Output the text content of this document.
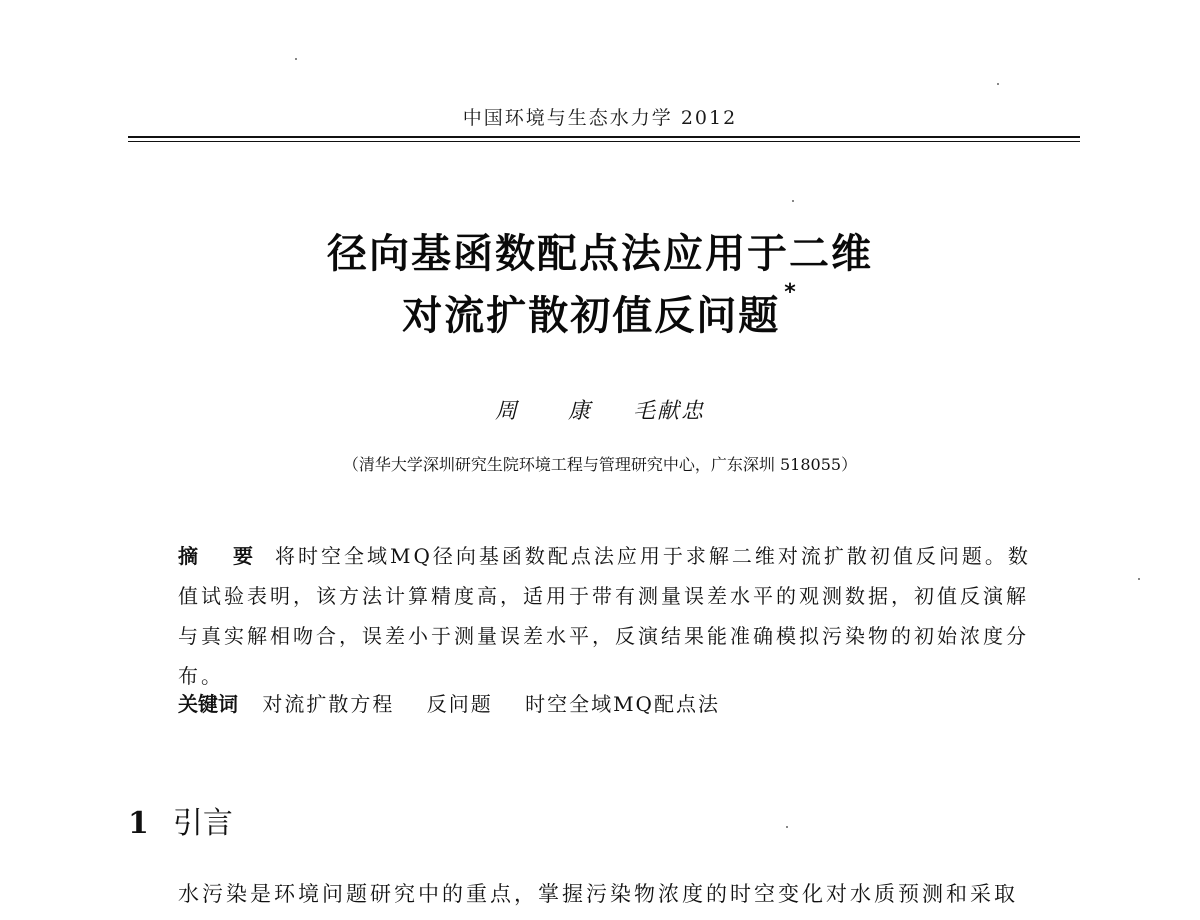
中国环境与生态水力学 2012
径向基函数配点法应用于二维
对流扩散初值反问题*
周 康 毛献忠
（清华大学深圳研究生院环境工程与管理研究中心，广东深圳 518055）
摘 要 将时空全域MQ径向基函数配点法应用于求解二维对流扩散初值反问题。数值试验表明，该方法计算精度高，适用于带有测量误差水平的观测数据，初值反演解与真实解相吻合，误差小于测量误差水平，反演结果能准确模拟污染物的初始浓度分布。
关键词 对流扩散方程 反问题 时空全域MQ配点法
1 引言
水污染是环境问题研究中的重点，掌握污染物浓度的时空变化对水质预测和采取
